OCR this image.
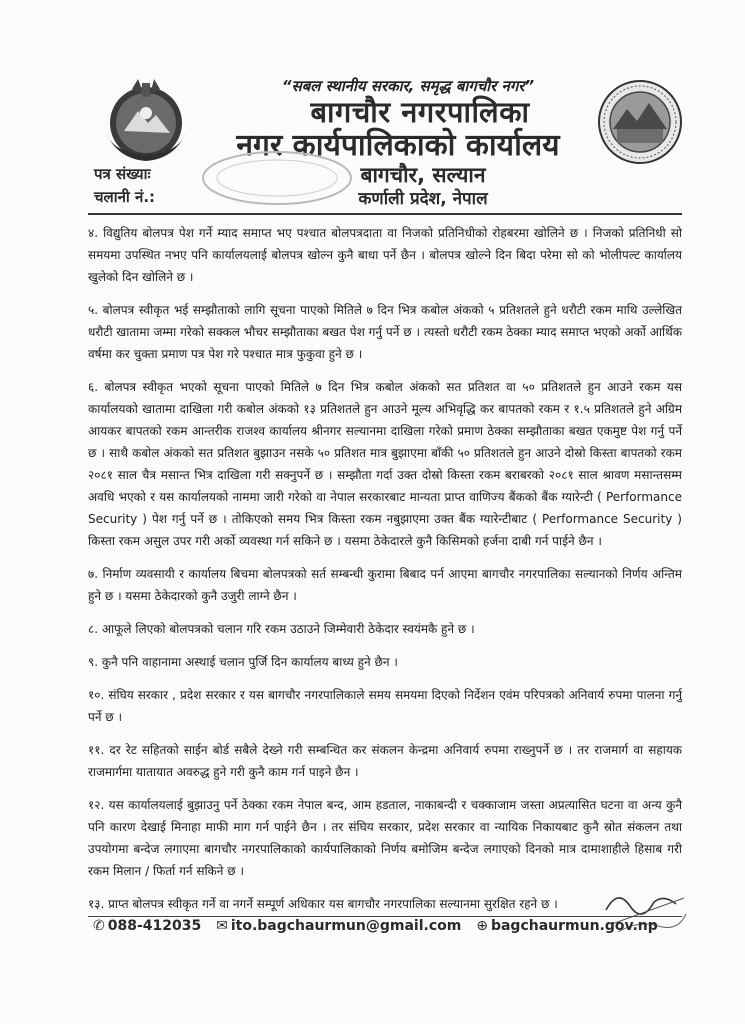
“सबल स्थानीय सरकार, समृद्ध बागचौर नगर”
बागचौर नगरपालिका
नगर कार्यपालिकाको कार्यालय
बागचौर, सल्यान
कर्णाली प्रदेश, नेपाल
पत्र संख्याः
चलानी नं.:

४. विद्युतिय बोलपत्र पेश गर्ने म्याद समाप्त भए पश्चात बोलपत्रदाता वा निजको प्रतिनिधीको रोहबरमा खोलिने छ । निजको प्रतिनिधी सो समयमा उपस्थित नभए पनि कार्यालयलाई बोलपत्र खोल्न कुनै बाधा पर्ने छैन । बोलपत्र खोल्ने दिन बिदा परेमा सो को भोलीपल्ट कार्यालय खुलेको दिन खोलिने छ ।

५. बोलपत्र स्वीकृत भई सम्झौताको लागि सूचना पाएको मितिले ७ दिन भित्र कबोल अंकको ५ प्रतिशतले हुने धरौटी रकम माथि उल्लेखित धरौटी खातामा जम्मा गरेको सक्कल भौचर सम्झौताका बखत पेश गर्नु पर्ने छ । त्यस्तो धरौटी रकम ठेक्का म्याद समाप्त भएको अर्को आर्थिक वर्षमा कर चुक्ता प्रमाण पत्र पेश गरे पश्चात मात्र फुकुवा हुने छ ।

६. बोलपत्र स्वीकृत भएको सूचना पाएको मितिले ७ दिन भित्र कबोल अंकको सत प्रतिशत वा ५० प्रतिशतले हुन आउने रकम यस कार्यालयको खातामा दाखिला गरी कबोल अंकको १३ प्रतिशतले हुन आउने मूल्य अभिवृद्धि कर बापतको रकम र १.५ प्रतिशतले हुने अग्रिम आयकर बापतको रकम आन्तरीक राजश्व कार्यालय श्रीनगर सल्यानमा दाखिला गरेको प्रमाण ठेक्का सम्झौताका बखत एकमुष्ट पेश गर्नु पर्ने छ । साथै कबोल अंकको सत प्रतिशत बुझाउन नसके ५० प्रतिशत मात्र बुझाएमा बाँकी ५० प्रतिशतले हुन आउने दोस्रो किस्ता बापतको रकम २०८१ साल चैत्र मसान्त भित्र दाखिला गरी सक्नुपर्ने छ । सम्झौता गर्दा उक्त दोस्रो किस्ता रकम बराबरको २०८१ साल श्रावण मसान्तसम्म अवधि भएको र यस कार्यालयको नाममा जारी गरेको वा नेपाल सरकारबाट मान्यता प्राप्त वाणिज्य बैंकको बैंक ग्यारेन्टी ( Performance Security ) पेश गर्नु पर्ने छ । तोकिएको समय भित्र किस्ता रकम नबुझाएमा उक्त बैंक ग्यारेन्टीबाट ( Performance Security ) किस्ता रकम असुल उपर गरी अर्को व्यवस्था गर्न सकिने छ । यसमा ठेकेदारले कुनै किसिमको हर्जना दाबी गर्न पाईने छैन ।

७. निर्माण व्यवसायी र कार्यालय बिचमा बोलपत्रको सर्त सम्बन्धी कुरामा बिबाद पर्न आएमा बागचौर नगरपालिका सल्यानको निर्णय अन्तिम हुने छ । यसमा ठेकेदारको कुनै उजुरी लाग्ने छैन ।

८. आफूले लिएको बोलपत्रको चलान गरि रकम उठाउने जिम्मेवारी ठेकेदार स्वयंमकै हुने छ ।

९. कुनै पनि वाहानामा अस्थाई चलान पुर्जि दिन कार्यालय बाध्य हुने छैन ।

१०. संघिय सरकार , प्रदेश सरकार र यस बागचौर नगरपालिकाले समय समयमा दिएको निर्देशन एवंम परिपत्रको अनिवार्य रुपमा पालना गर्नु पर्ने छ ।

११. दर रेट सहितको साईन बोर्ड सबैले देख्ने गरी सम्बन्धित कर संकलन केन्द्रमा अनिवार्य रुपमा राख्नुपर्ने छ । तर राजमार्ग वा सहायक राजमार्गमा यातायात अवरुद्ध हुने गरी कुनै काम गर्न पाइने छैन ।

१२. यस कार्यालयलाई बुझाउनु पर्ने ठेक्का रकम नेपाल बन्द, आम हडताल, नाकाबन्दी र चक्काजाम जस्ता अप्रत्यासित घटना वा अन्य कुनै पनि कारण देखाई मिनाहा माफी माग गर्न पाईने छैन । तर संघिय सरकार, प्रदेश सरकार वा न्यायिक निकायबाट कुनै स्रोत संकलन तथा उपयोगमा बन्देज लगाएमा बागचौर नगरपालिकाको कार्यपालिकाको निर्णय बमोजिम बन्देज लगाएको दिनको मात्र दामाशाहीले हिसाब गरी रकम मिलान / फिर्ता गर्न सकिने छ ।

१३. प्राप्त बोलपत्र स्वीकृत गर्ने वा नगर्ने सम्पूर्ण अधिकार यस बागचौर नगरपालिका सल्यानमा सुरक्षित रहने छ ।

✆ 088-412035 ✉ ito.bagchaurmun@gmail.com ⊕ bagchaurmun.gov.np
